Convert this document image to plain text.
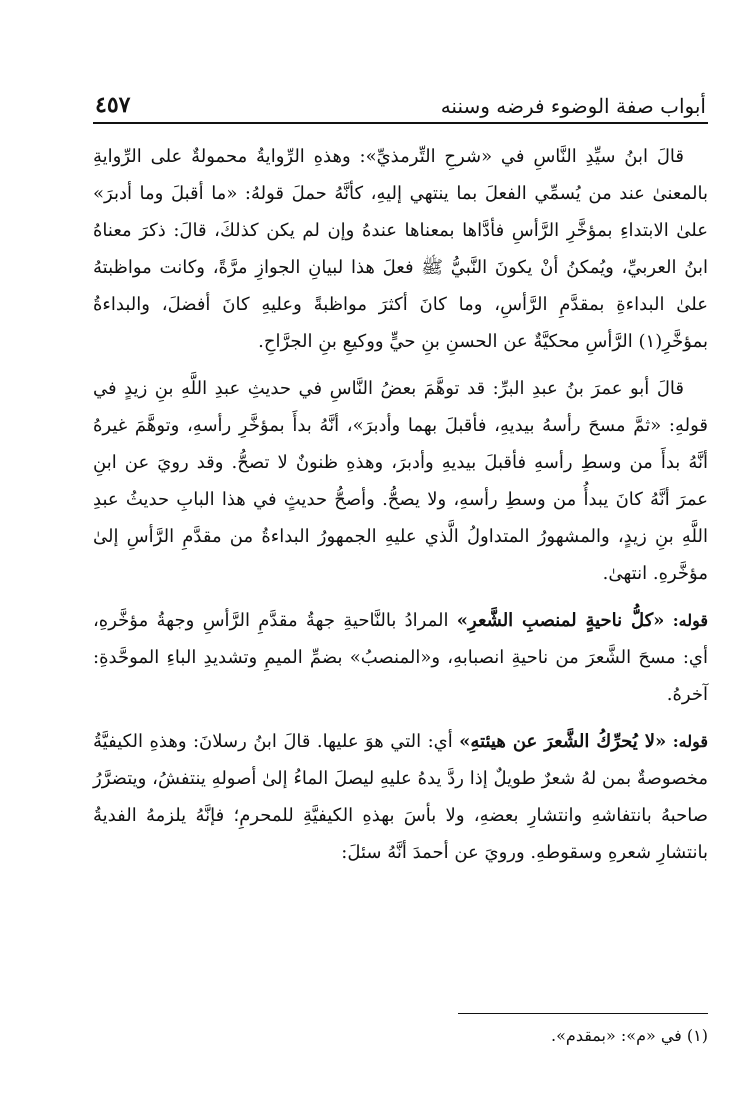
أبواب صفة الوضوء فرضه وسننه
٤٥٧

قالَ ابنُ سيِّدِ النَّاسِ في «شرحِ التِّرمذيِّ»: وهذهِ الرِّوايةُ محمولةٌ على الرِّوايةِ بالمعنىٰ عند من يُسمِّي الفعلَ بما ينتهي إليهِ، كأنَّهُ حملَ قولهُ: «ما أقبلَ وما أدبرَ» علىٰ الابتداءِ بمؤخَّرِ الرَّأسِ فأدَّاها بمعناها عندهُ وإن لم يكن كذلكَ، قالَ: ذكرَ معناهُ ابنُ العربيِّ، ويُمكنُ أنْ يكونَ النَّبيُّ ﷺ فعلَ هذا لبيانِ الجوازِ مرَّةً، وكانت مواظبتهُ علىٰ البداءةِ بمقدَّمِ الرَّأسِ، وما كانَ أكثرَ مواظبةً وعليهِ كانَ أفضلَ، والبداءةُ بمؤخَّرِ(١) الرَّأسِ محكيَّةٌ عن الحسنِ بنِ حيٍّ ووكيعِ بنِ الجرَّاحِ.

قالَ أبو عمرَ بنُ عبدِ البرِّ: قد توهَّمَ بعضُ النَّاسِ في حديثِ عبدِ اللَّهِ بنِ زيدٍ في قولهِ: «ثمَّ مسحَ رأسهُ بيديهِ، فأقبلَ بهما وأدبرَ»، أنَّهُ بدأَ بمؤخَّرِ رأسهِ، وتوهَّمَ غيرهُ أنَّهُ بدأَ من وسطِ رأسهِ فأقبلَ بيديهِ وأدبرَ، وهذهِ ظنونٌ لا تصحُّ. وقد رويَ عن ابنِ عمرَ أنَّهُ كانَ يبدأُ من وسطِ رأسهِ، ولا يصحُّ. وأصحُّ حديثٍ في هذا البابِ حديثُ عبدِ اللَّهِ بنِ زيدٍ، والمشهورُ المتداولُ الَّذي عليهِ الجمهورُ البداءةُ من مقدَّمِ الرَّأسِ إلىٰ مؤخَّرهِ. انتهىٰ.

قوله: «كلُّ ناحيةٍ لمنصبِ الشَّعرِ» المرادُ بالنَّاحيةِ جهةُ مقدَّمِ الرَّأسِ وجهةُ مؤخَّرهِ، أي: مسحَ الشَّعرَ من ناحيةِ انصبابهِ، و«المنصبُ» بضمِّ الميمِ وتشديدِ الباءِ الموحَّدةِ: آخرهُ.

قوله: «لا يُحرِّكُ الشَّعرَ عن هيئتهِ» أي: التي هوَ عليها. قالَ ابنُ رسلانَ: وهذهِ الكيفيَّةُ مخصوصةٌ بمن لهُ شعرٌ طويلٌ إذا ردَّ يدهُ عليهِ ليصلَ الماءُ إلىٰ أصولهِ ينتفشُ، ويتضرَّرُ صاحبهُ بانتفاشهِ وانتشارِ بعضهِ، ولا بأسَ بهذهِ الكيفيَّةِ للمحرمِ؛ فإنَّهُ يلزمهُ الفديةُ بانتشارِ شعرهِ وسقوطهِ. ورويَ عن أحمدَ أنَّهُ سئلَ:

(١) في «م»: «بمقدم».
